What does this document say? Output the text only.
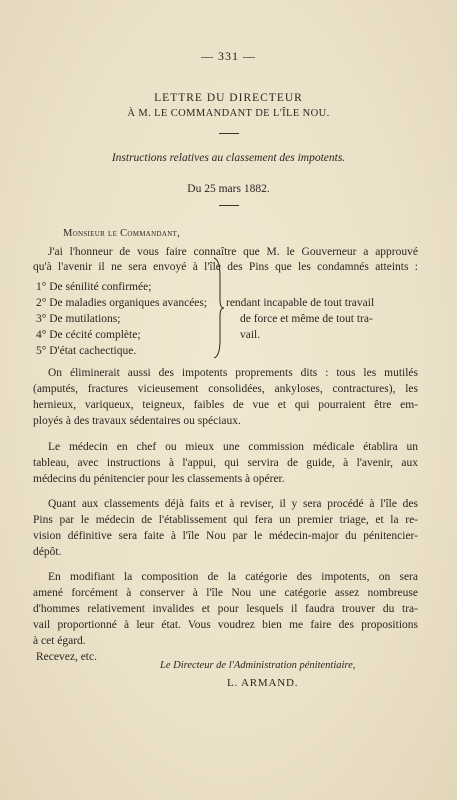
— 331 —
LETTRE DU DIRECTEUR
À M. LE COMMANDANT DE L'ÎLE NOU.
Instructions relatives au classement des impotents.
Du 25 mars 1882.
Monsieur le Commandant,
J'ai l'honneur de vous faire connaître que M. le Gouverneur a approuvé
qu'à l'avenir il ne sera envoyé à l'île des Pins que les condamnés atteints :
1° De sénilité confirmée;
2° De maladies organiques avancées;
3° De mutilations;
4° De cécité complète;
5° D'état cachectique.
rendant incapable de tout travail
de force et même de tout tra-
vail.
On éliminerait aussi des impotents proprements dits : tous les mutilés
(amputés, fractures vicieusement consolidées, ankyloses, contractures), les
hernieux, variqueux, teigneux, faibles de vue et qui pourraient être em-
ployés à des travaux sédentaires ou spéciaux.
Le médecin en chef ou mieux une commission médicale établira un
tableau, avec instructions à l'appui, qui servira de guide, à l'avenir, aux
médecins du pénitencier pour les classements à opérer.
Quant aux classements déjà faits et à reviser, il y sera procédé à l'île des
Pins par le médecin de l'établissement qui fera un premier triage, et la re-
vision définitive sera faite à l'île Nou par le médecin-major du pénitencier-
dépôt.
En modifiant la composition de la catégorie des impotents, on sera
amené forcément à conserver à l'île Nou une catégorie assez nombreuse
d'hommes relativement invalides et pour lesquels il faudra trouver du tra-
vail proportionné à leur état. Vous voudrez bien me faire des propositions
à cet égard.
Recevez, etc.
Le Directeur de l'Administration pénitentiaire,
L. ARMAND.
